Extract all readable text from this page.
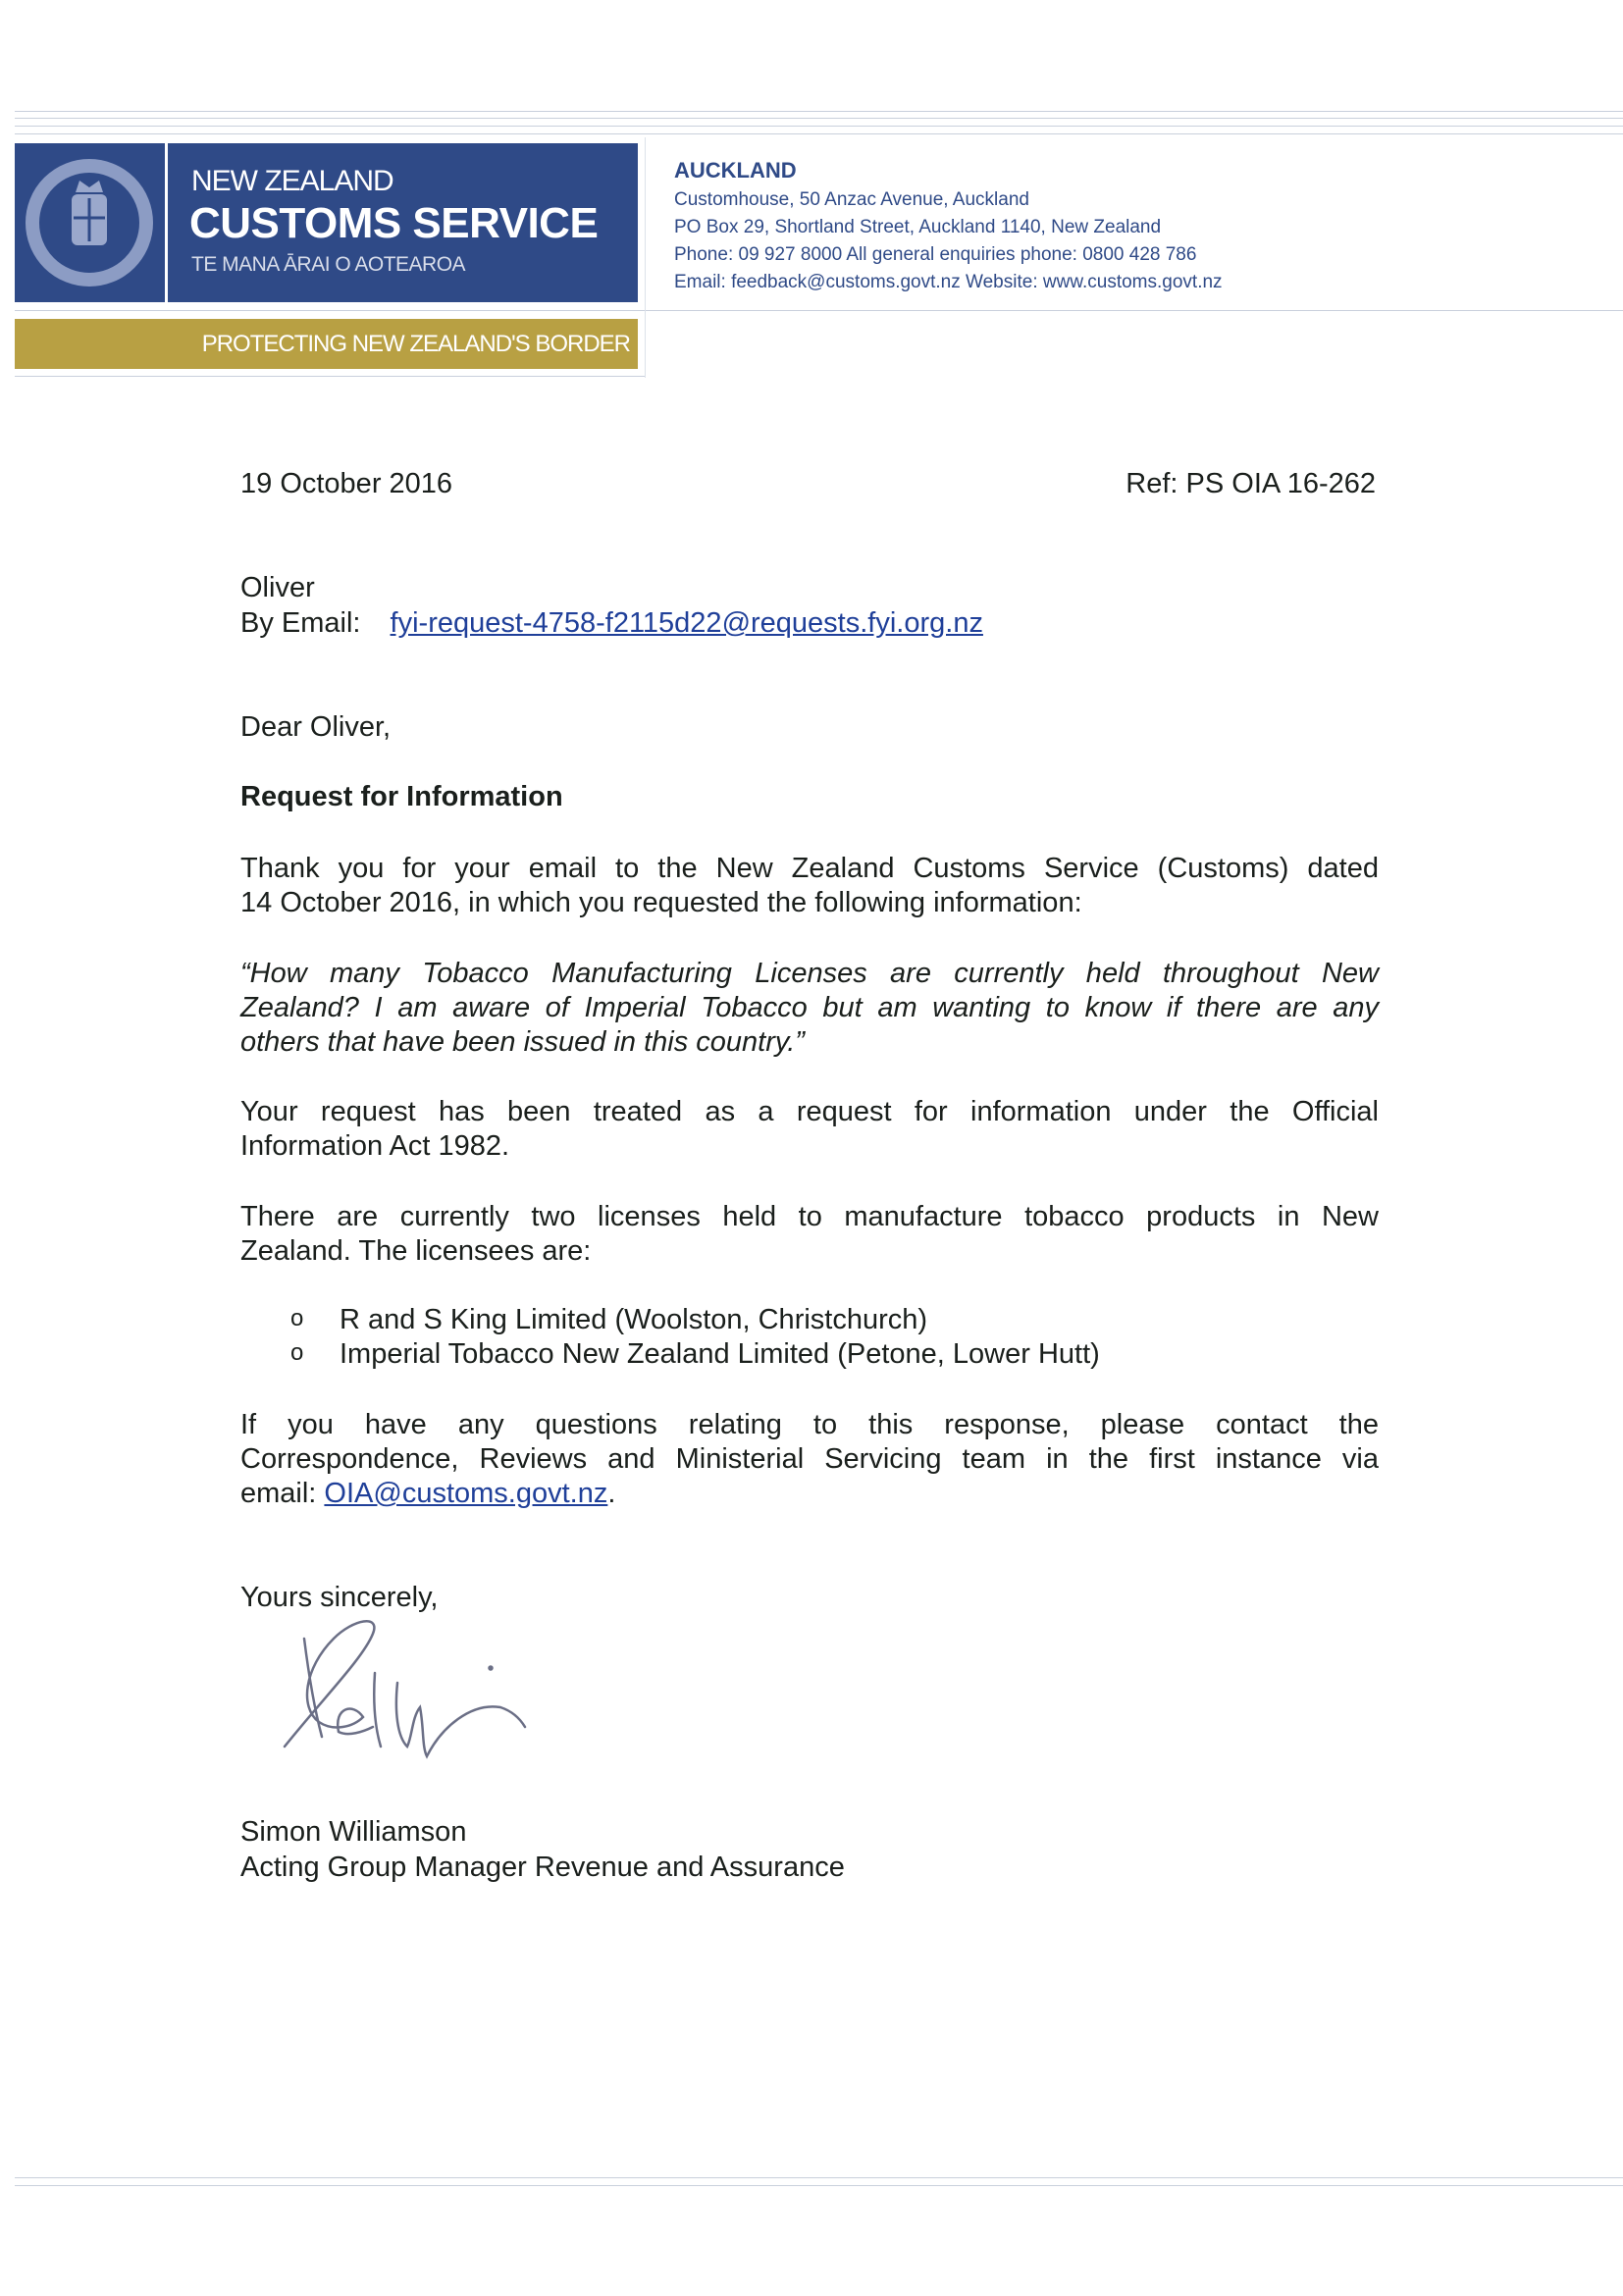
NEW ZEALAND
CUSTOMS SERVICE
TE MANA ĀRAI O AOTEAROA
PROTECTING NEW ZEALAND'S BORDER
AUCKLAND
Customhouse, 50 Anzac Avenue, Auckland
PO Box 29, Shortland Street, Auckland 1140, New Zealand
Phone: 09 927 8000 All general enquiries phone: 0800 428 786
Email: feedback@customs.govt.nz Website: www.customs.govt.nz
19 October 2016	Ref: PS OIA 16-262
Oliver
By Email: fyi-request-4758-f2115d22@requests.fyi.org.nz
Dear Oliver,
Request for Information
Thank you for your email to the New Zealand Customs Service (Customs) dated
14 October 2016, in which you requested the following information:
“How many Tobacco Manufacturing Licenses are currently held throughout New
Zealand? I am aware of Imperial Tobacco but am wanting to know if there are any
others that have been issued in this country.”
Your request has been treated as a request for information under the Official
Information Act 1982.
There are currently two licenses held to manufacture tobacco products in New
Zealand. The licensees are:
o R and S King Limited (Woolston, Christchurch)
o Imperial Tobacco New Zealand Limited (Petone, Lower Hutt)
If you have any questions relating to this response, please contact the
Correspondence, Reviews and Ministerial Servicing team in the first instance via
email: OIA@customs.govt.nz.
Yours sincerely,
Simon Williamson
Acting Group Manager Revenue and Assurance
